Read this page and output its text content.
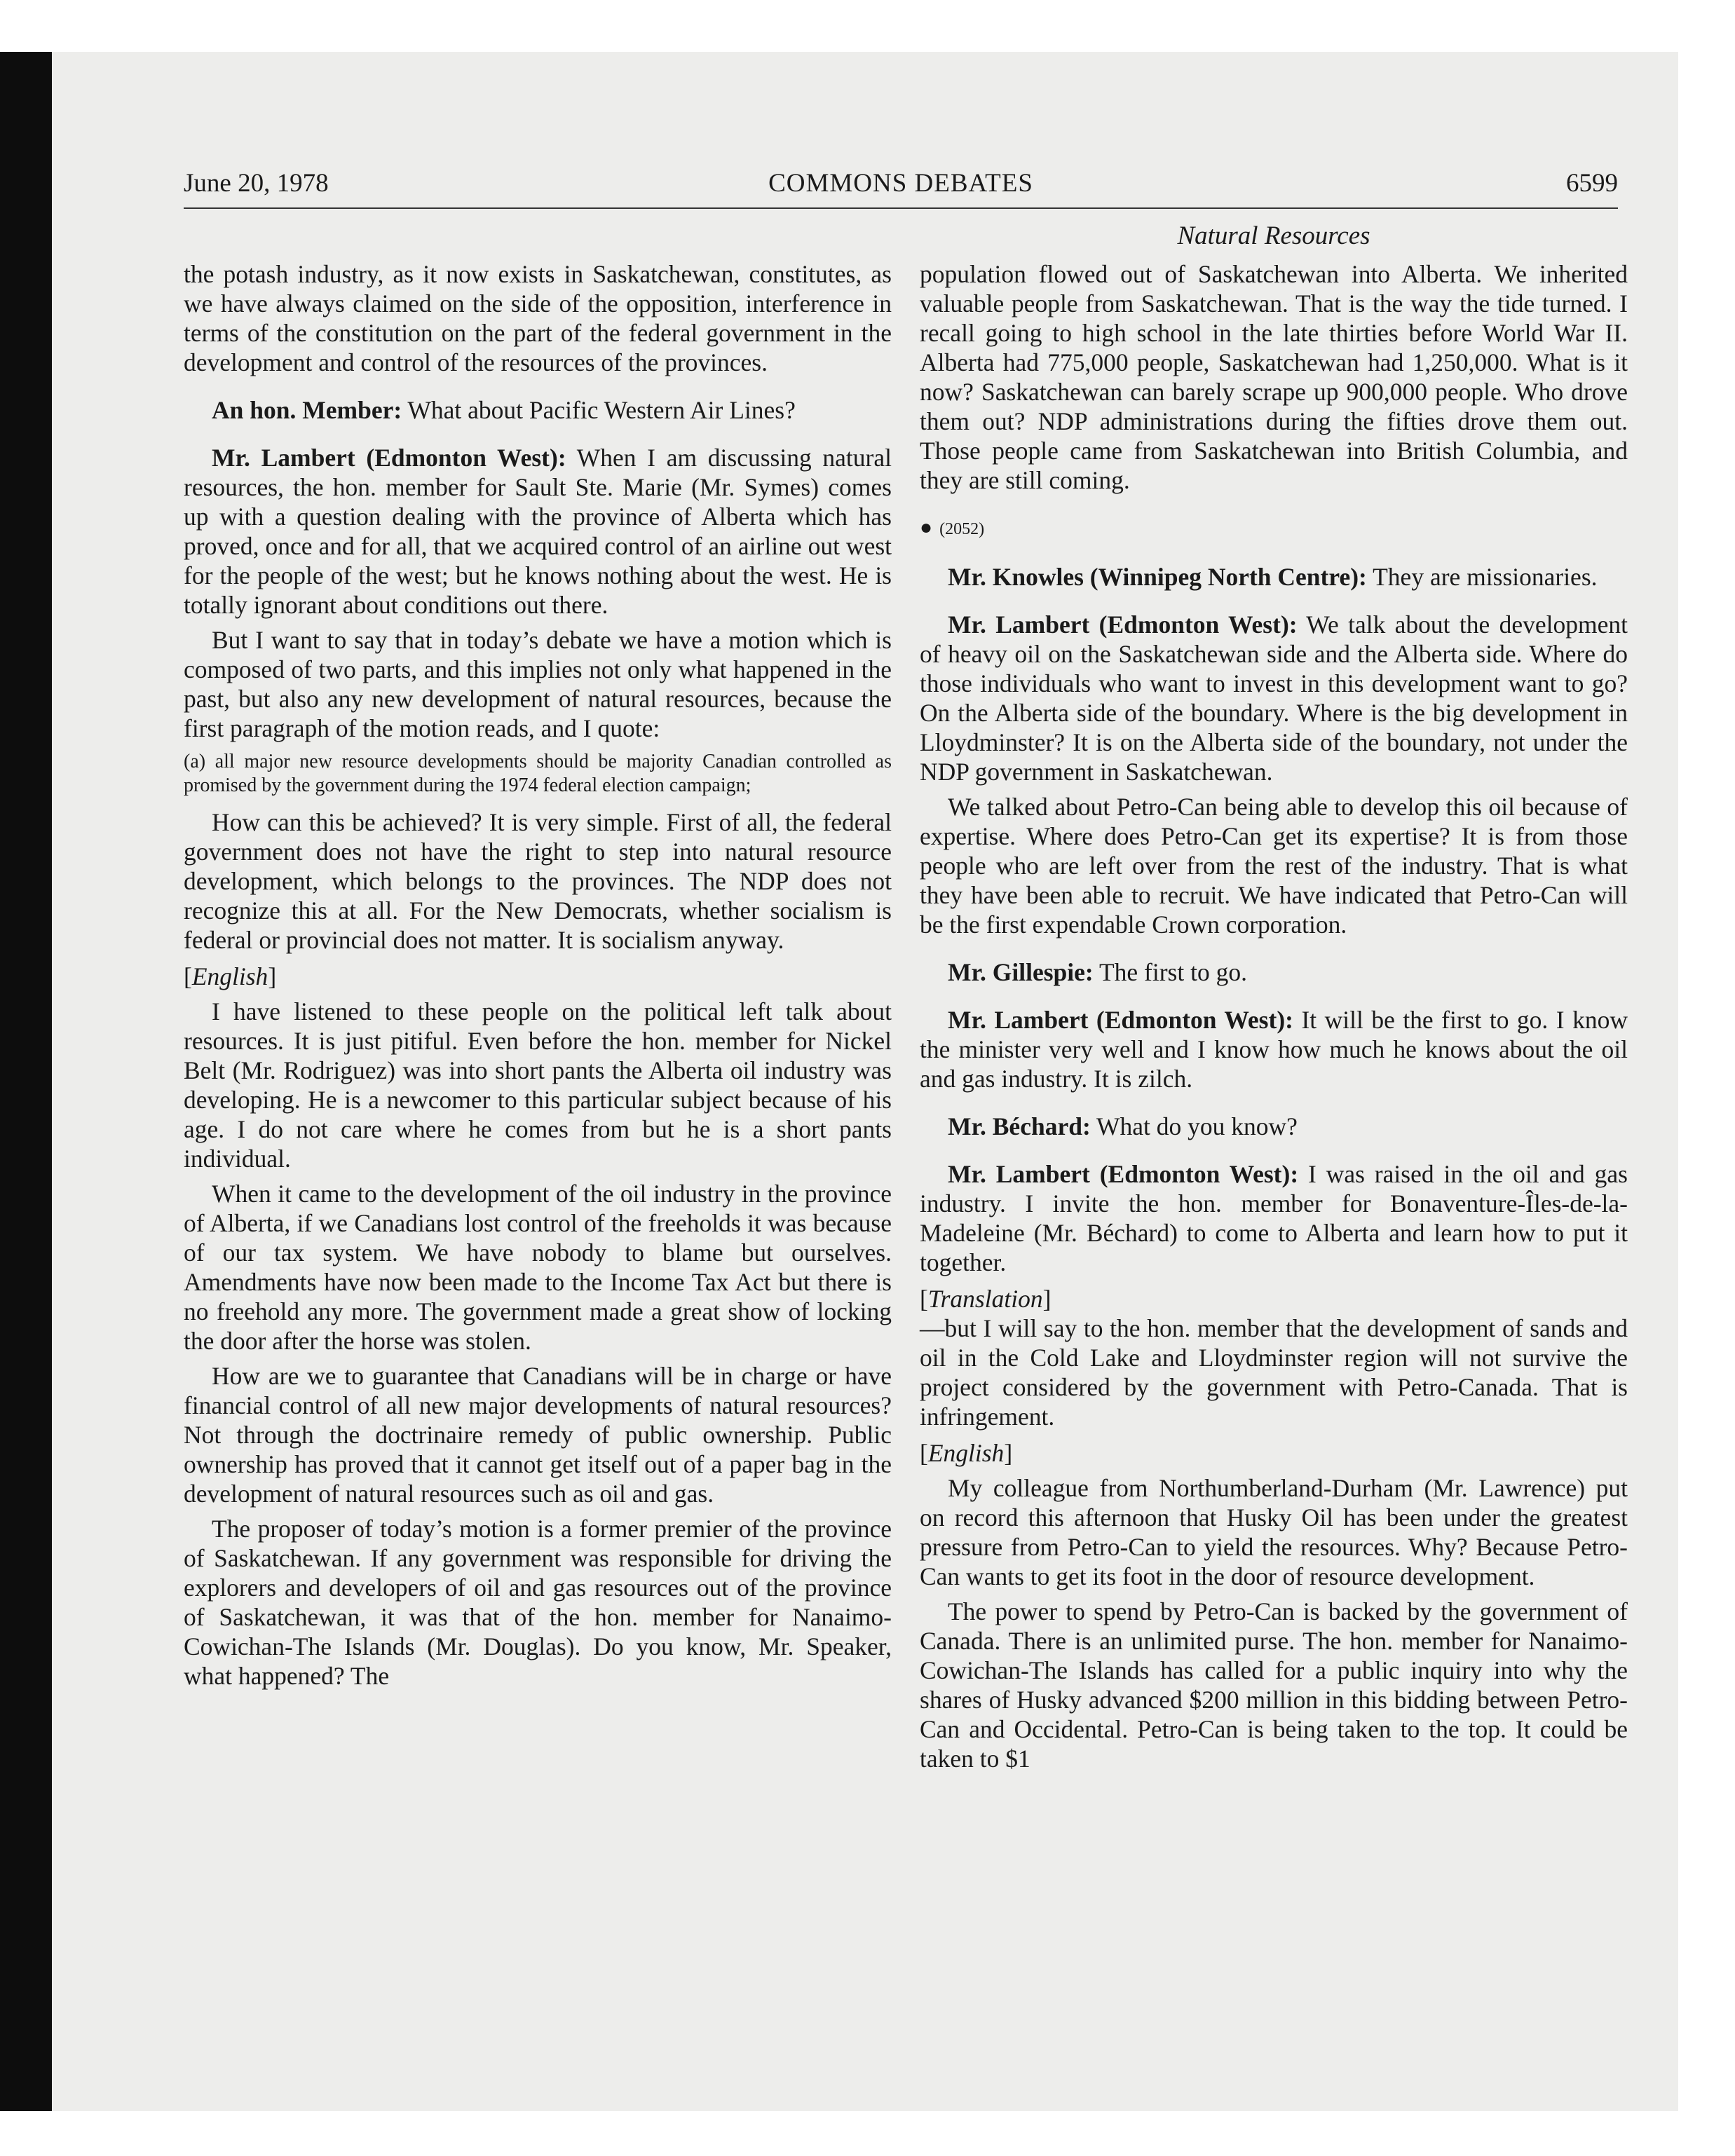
June 20, 1978	COMMONS DEBATES	6599
Natural Resources

the potash industry, as it now exists in Saskatchewan, constitutes, as we have always claimed on the side of the opposition, interference in terms of the constitution on the part of the federal government in the development and control of the resources of the provinces.

An hon. Member: What about Pacific Western Air Lines?

Mr. Lambert (Edmonton West): When I am discussing natural resources, the hon. member for Sault Ste. Marie (Mr. Symes) comes up with a question dealing with the province of Alberta which has proved, once and for all, that we acquired control of an airline out west for the people of the west; but he knows nothing about the west. He is totally ignorant about conditions out there.

But I want to say that in today’s debate we have a motion which is composed of two parts, and this implies not only what happened in the past, but also any new development of natural resources, because the first paragraph of the motion reads, and I quote:

(a) all major new resource developments should be majority Canadian controlled as promised by the government during the 1974 federal election campaign;

How can this be achieved? It is very simple. First of all, the federal government does not have the right to step into natural resource development, which belongs to the provinces. The NDP does not recognize this at all. For the New Democrats, whether socialism is federal or provincial does not matter. It is socialism anyway.

[English]

I have listened to these people on the political left talk about resources. It is just pitiful. Even before the hon. member for Nickel Belt (Mr. Rodriguez) was into short pants the Alberta oil industry was developing. He is a newcomer to this particular subject because of his age. I do not care where he comes from but he is a short pants individual.

When it came to the development of the oil industry in the province of Alberta, if we Canadians lost control of the freeholds it was because of our tax system. We have nobody to blame but ourselves. Amendments have now been made to the Income Tax Act but there is no freehold any more. The government made a great show of locking the door after the horse was stolen.

How are we to guarantee that Canadians will be in charge or have financial control of all new major developments of natural resources? Not through the doctrinaire remedy of public ownership. Public ownership has proved that it cannot get itself out of a paper bag in the development of natural resources such as oil and gas.

The proposer of today’s motion is a former premier of the province of Saskatchewan. If any government was responsible for driving the explorers and developers of oil and gas resources out of the province of Saskatchewan, it was that of the hon. member for Nanaimo-Cowichan-The Islands (Mr. Douglas). Do you know, Mr. Speaker, what happened? The

population flowed out of Saskatchewan into Alberta. We inherited valuable people from Saskatchewan. That is the way the tide turned. I recall going to high school in the late thirties before World War II. Alberta had 775,000 people, Saskatchewan had 1,250,000. What is it now? Saskatchewan can barely scrape up 900,000 people. Who drove them out? NDP administrations during the fifties drove them out. Those people came from Saskatchewan into British Columbia, and they are still coming.

● (2052)

Mr. Knowles (Winnipeg North Centre): They are missionaries.

Mr. Lambert (Edmonton West): We talk about the development of heavy oil on the Saskatchewan side and the Alberta side. Where do those individuals who want to invest in this development want to go? On the Alberta side of the boundary. Where is the big development in Lloydminster? It is on the Alberta side of the boundary, not under the NDP government in Saskatchewan.

We talked about Petro-Can being able to develop this oil because of expertise. Where does Petro-Can get its expertise? It is from those people who are left over from the rest of the industry. That is what they have been able to recruit. We have indicated that Petro-Can will be the first expendable Crown corporation.

Mr. Gillespie: The first to go.

Mr. Lambert (Edmonton West): It will be the first to go. I know the minister very well and I know how much he knows about the oil and gas industry. It is zilch.

Mr. Béchard: What do you know?

Mr. Lambert (Edmonton West): I was raised in the oil and gas industry. I invite the hon. member for Bonaventure-Îles-de-la-Madeleine (Mr. Béchard) to come to Alberta and learn how to put it together.

[Translation]

—but I will say to the hon. member that the development of sands and oil in the Cold Lake and Lloydminster region will not survive the project considered by the government with Petro-Canada. That is infringement.

[English]

My colleague from Northumberland-Durham (Mr. Lawrence) put on record this afternoon that Husky Oil has been under the greatest pressure from Petro-Can to yield the resources. Why? Because Petro-Can wants to get its foot in the door of resource development.

The power to spend by Petro-Can is backed by the government of Canada. There is an unlimited purse. The hon. member for Nanaimo-Cowichan-The Islands has called for a public inquiry into why the shares of Husky advanced $200 million in this bidding between Petro-Can and Occidental. Petro-Can is being taken to the top. It could be taken to $1
